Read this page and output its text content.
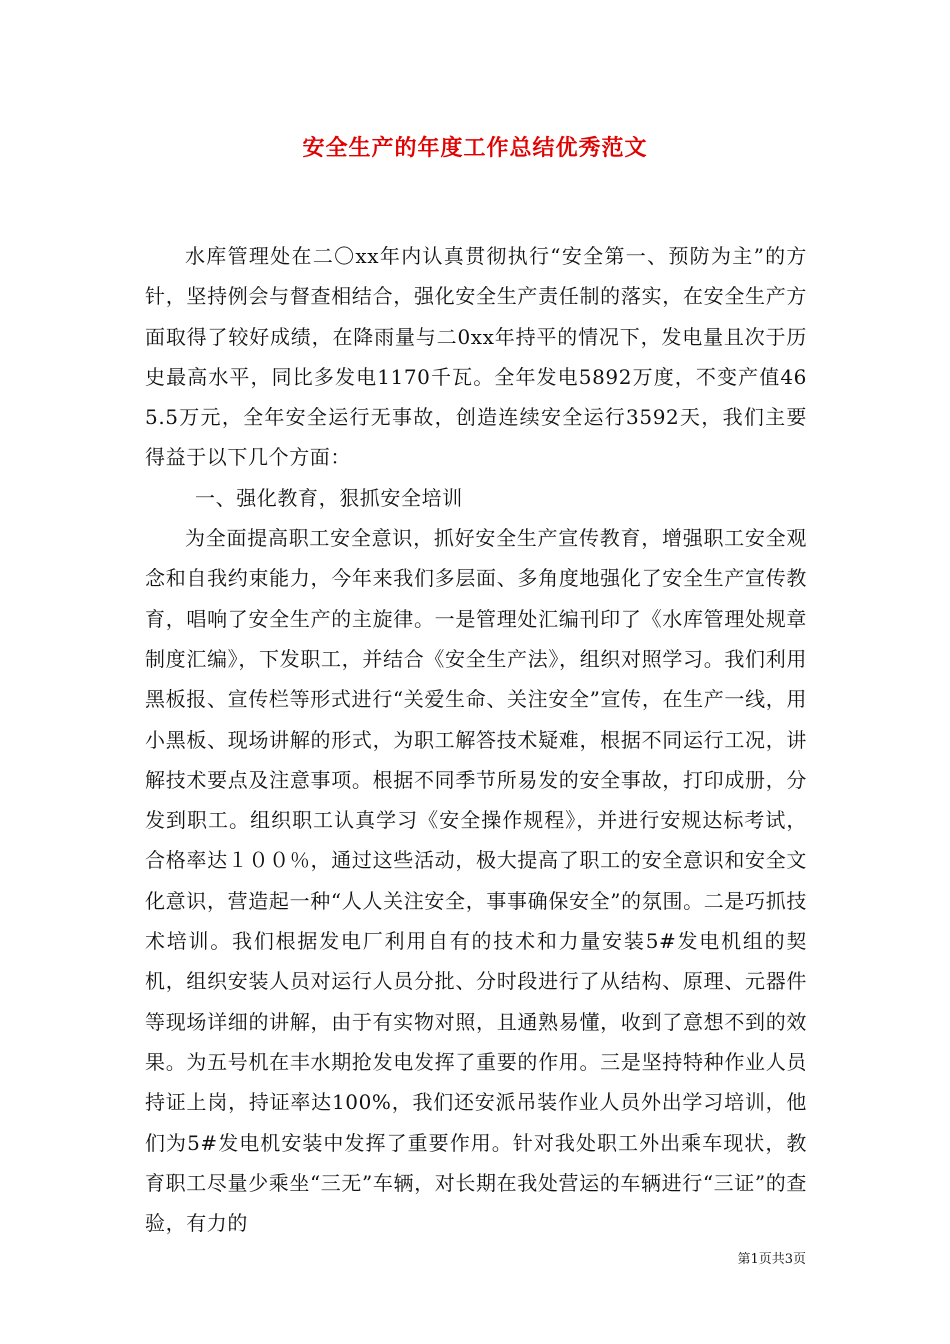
安全生产的年度工作总结优秀范文

水库管理处在二〇xx年内认真贯彻执行“安全第一、预防为主”的方针，坚持例会与督查相结合，强化安全生产责任制的落实，在安全生产方面取得了较好成绩，在降雨量与二0xx年持平的情况下，发电量且次于历史最高水平，同比多发电1170千瓦。全年发电5892万度，不变产值465.5万元，全年安全运行无事故，创造连续安全运行3592天，我们主要得益于以下几个方面：

一、强化教育，狠抓安全培训

为全面提高职工安全意识，抓好安全生产宣传教育，增强职工安全观念和自我约束能力，今年来我们多层面、多角度地强化了安全生产宣传教育，唱响了安全生产的主旋律。一是管理处汇编刊印了《水库管理处规章制度汇编》，下发职工，并结合《安全生产法》，组织对照学习。我们利用黑板报、宣传栏等形式进行“关爱生命、关注安全”宣传，在生产一线，用小黑板、现场讲解的形式，为职工解答技术疑难，根据不同运行工况，讲解技术要点及注意事项。根据不同季节所易发的安全事故，打印成册，分发到职工。组织职工认真学习《安全操作规程》，并进行安规达标考试，合格率达１００％，通过这些活动，极大提高了职工的安全意识和安全文化意识，营造起一种“人人关注安全，事事确保安全”的氛围。二是巧抓技术培训。我们根据发电厂利用自有的技术和力量安装5#发电机组的契机，组织安装人员对运行人员分批、分时段进行了从结构、原理、元器件等现场详细的讲解，由于有实物对照，且通熟易懂，收到了意想不到的效果。为五号机在丰水期抢发电发挥了重要的作用。三是坚持特种作业人员持证上岗，持证率达100%，我们还安派吊装作业人员外出学习培训，他们为5#发电机安装中发挥了重要作用。针对我处职工外出乘车现状，教育职工尽量少乘坐“三无”车辆，对长期在我处营运的车辆进行“三证”的查验，有力的

第1页共3页
